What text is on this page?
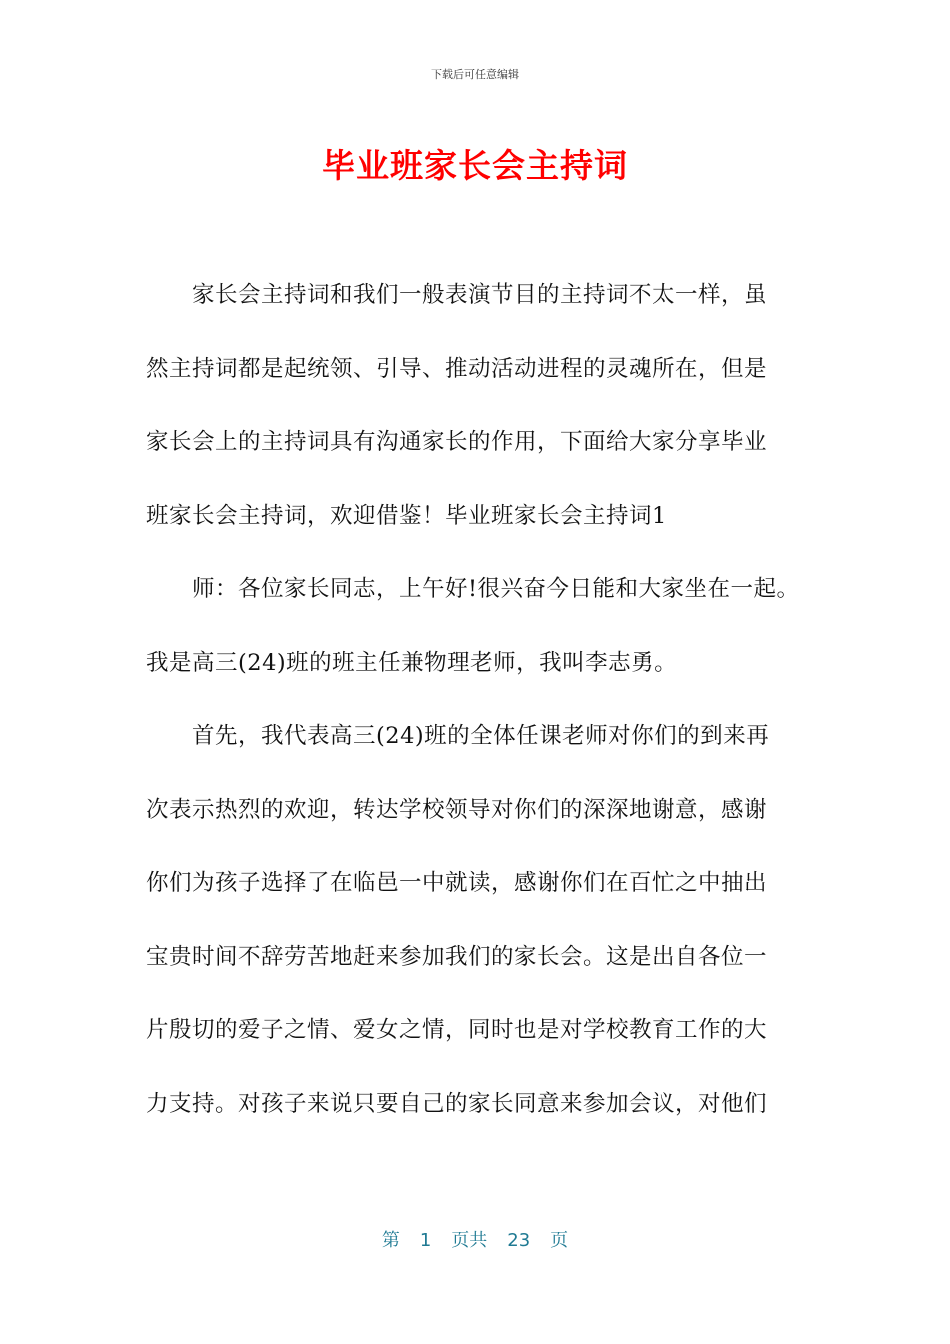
下载后可任意编辑
毕业班家长会主持词
家长会主持词和我们一般表演节目的主持词不太一样，虽
然主持词都是起统领、引导、推动活动进程的灵魂所在，但是
家长会上的主持词具有沟通家长的作用，下面给大家分享毕业
班家长会主持词，欢迎借鉴！毕业班家长会主持词1
师：各位家长同志，上午好!很兴奋今日能和大家坐在一起。
我是高三(24)班的班主任兼物理老师，我叫李志勇。
首先，我代表高三(24)班的全体任课老师对你们的到来再
次表示热烈的欢迎，转达学校领导对你们的深深地谢意，感谢
你们为孩子选择了在临邑一中就读，感谢你们在百忙之中抽出
宝贵时间不辞劳苦地赶来参加我们的家长会。这是出自各位一
片殷切的爱子之情、爱女之情，同时也是对学校教育工作的大
力支持。对孩子来说只要自己的家长同意来参加会议，对他们
第 1 页共 23 页
